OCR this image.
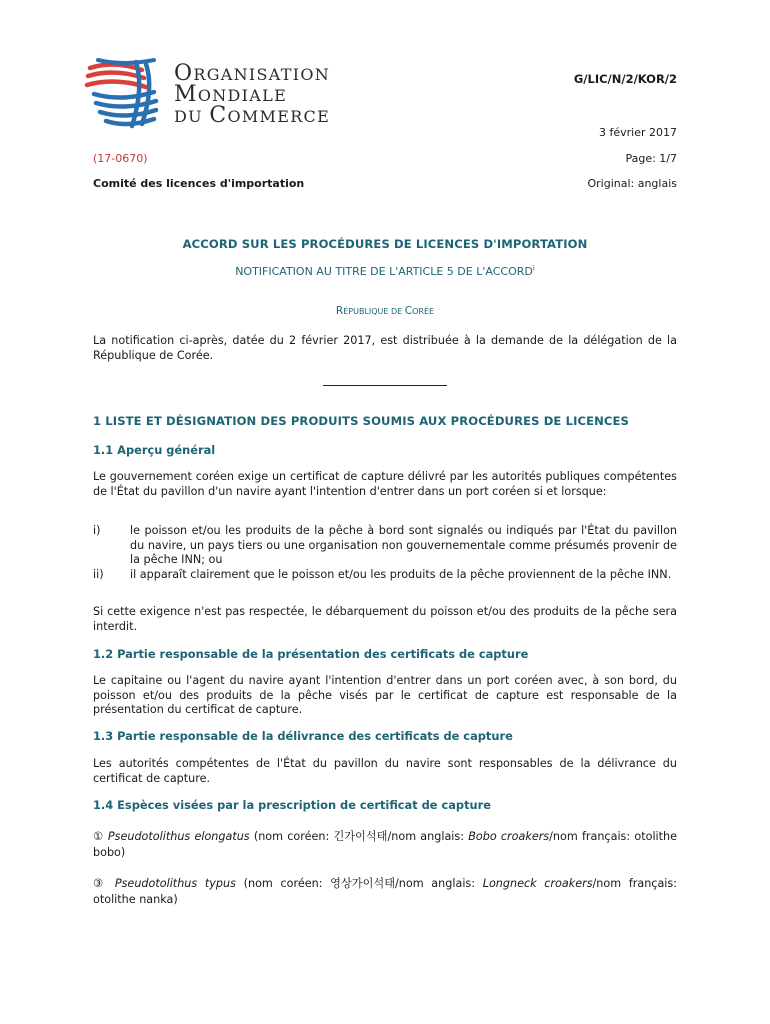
ORGANISATION
MONDIALE
DU COMMERCE
G/LIC/N/2/KOR/2
3 février 2017
(17-0670)	Page: 1/7
Comité des licences d'importation	Original: anglais
ACCORD SUR LES PROCÉDURES DE LICENCES D'IMPORTATION
NOTIFICATION AU TITRE DE L'ARTICLE 5 DE L'ACCORD$^i$
RÉPUBLIQUE DE CORÉE
La notification ci-après, datée du 2 février 2017, est distribuée à la demande de la délégation de la République de Corée.
1 LISTE ET DÉSIGNATION DES PRODUITS SOUMIS AUX PROCÉDURES DE LICENCES
1.1 Aperçu général
Le gouvernement coréen exige un certificat de capture délivré par les autorités publiques compétentes de l'État du pavillon d'un navire ayant l'intention d'entrer dans un port coréen si et lorsque:
i)	le poisson et/ou les produits de la pêche à bord sont signalés ou indiqués par l'État du pavillon du navire, un pays tiers ou une organisation non gouvernementale comme présumés provenir de la pêche INN; ou
ii)	il apparaît clairement que le poisson et/ou les produits de la pêche proviennent de la pêche INN.
Si cette exigence n'est pas respectée, le débarquement du poisson et/ou des produits de la pêche sera interdit.
1.2 Partie responsable de la présentation des certificats de capture
Le capitaine ou l'agent du navire ayant l'intention d'entrer dans un port coréen avec, à son bord, du poisson et/ou des produits de la pêche visés par le certificat de capture est responsable de la présentation du certificat de capture.
1.3 Partie responsable de la délivrance des certificats de capture
Les autorités compétentes de l'État du pavillon du navire sont responsables de la délivrance du certificat de capture.
1.4 Espèces visées par la prescription de certificat de capture
① Pseudotolithus elongatus (nom coréen: 긴가이석태/nom anglais: Bobo croakers/nom français: otolithe bobo)
③ Pseudotolithus typus (nom coréen: 영상가이석태/nom anglais: Longneck croakers/nom français: otolithe nanka)
